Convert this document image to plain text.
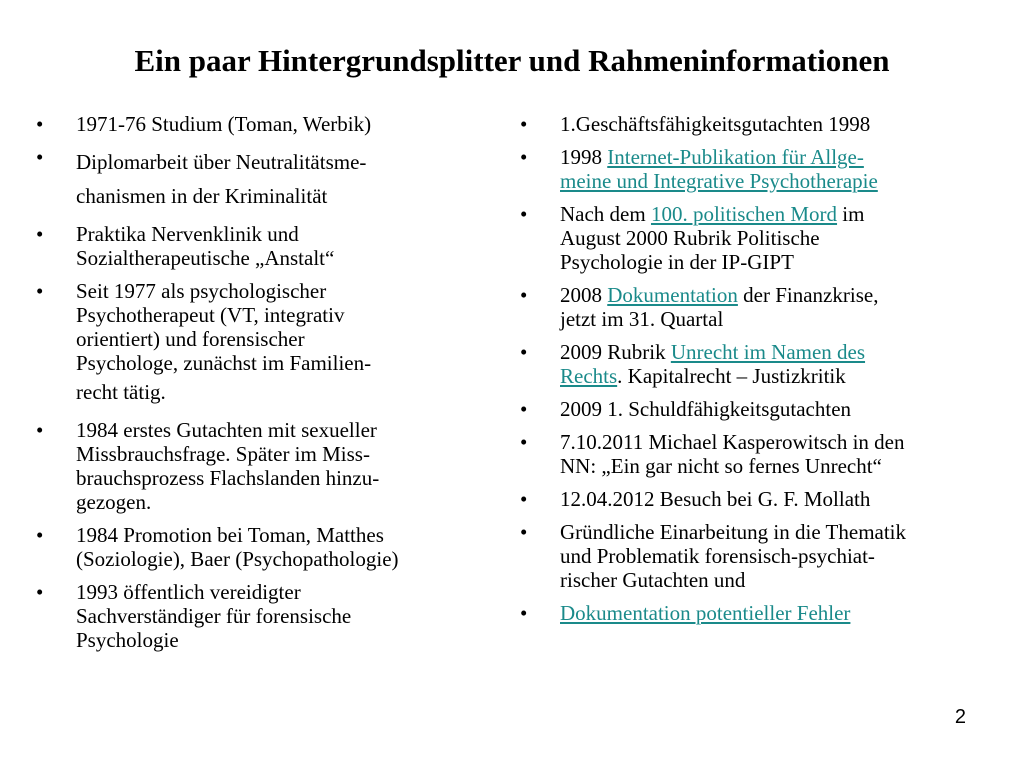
Ein paar Hintergrundsplitter und Rahmeninformationen
• 1971-76 Studium (Toman, Werbik)
• Diplomarbeit über Neutralitätsme-
chanismen in der Kriminalität
• Praktika Nervenklinik und
Sozialtherapeutische „Anstalt“
• Seit 1977 als psychologischer
Psychotherapeut (VT, integrativ
orientiert) und forensischer
Psychologe, zunächst im Familien-
recht tätig.
• 1984 erstes Gutachten mit sexueller
Missbrauchsfrage. Später im Miss-
brauchsprozess Flachslanden hinzu-
gezogen.
• 1984 Promotion bei Toman, Matthes
(Soziologie), Baer (Psychopathologie)
• 1993 öffentlich vereidigter
Sachverständiger für forensische
Psychologie
• 1.Geschäftsfähigkeitsgutachten 1998
• 1998 Internet-Publikation für Allge-
meine und Integrative Psychotherapie
• Nach dem 100. politischen Mord im
August 2000 Rubrik Politische
Psychologie in der IP-GIPT
• 2008 Dokumentation der Finanzkrise,
jetzt im 31. Quartal
• 2009 Rubrik Unrecht im Namen des
Rechts. Kapitalrecht – Justizkritik
• 2009 1. Schuldfähigkeitsgutachten
• 7.10.2011 Michael Kasperowitsch in den
NN: „Ein gar nicht so fernes Unrecht“
• 12.04.2012 Besuch bei G. F. Mollath
• Gründliche Einarbeitung in die Thematik
und Problematik forensisch-psychiat-
rischer Gutachten und
• Dokumentation potentieller Fehler
2
